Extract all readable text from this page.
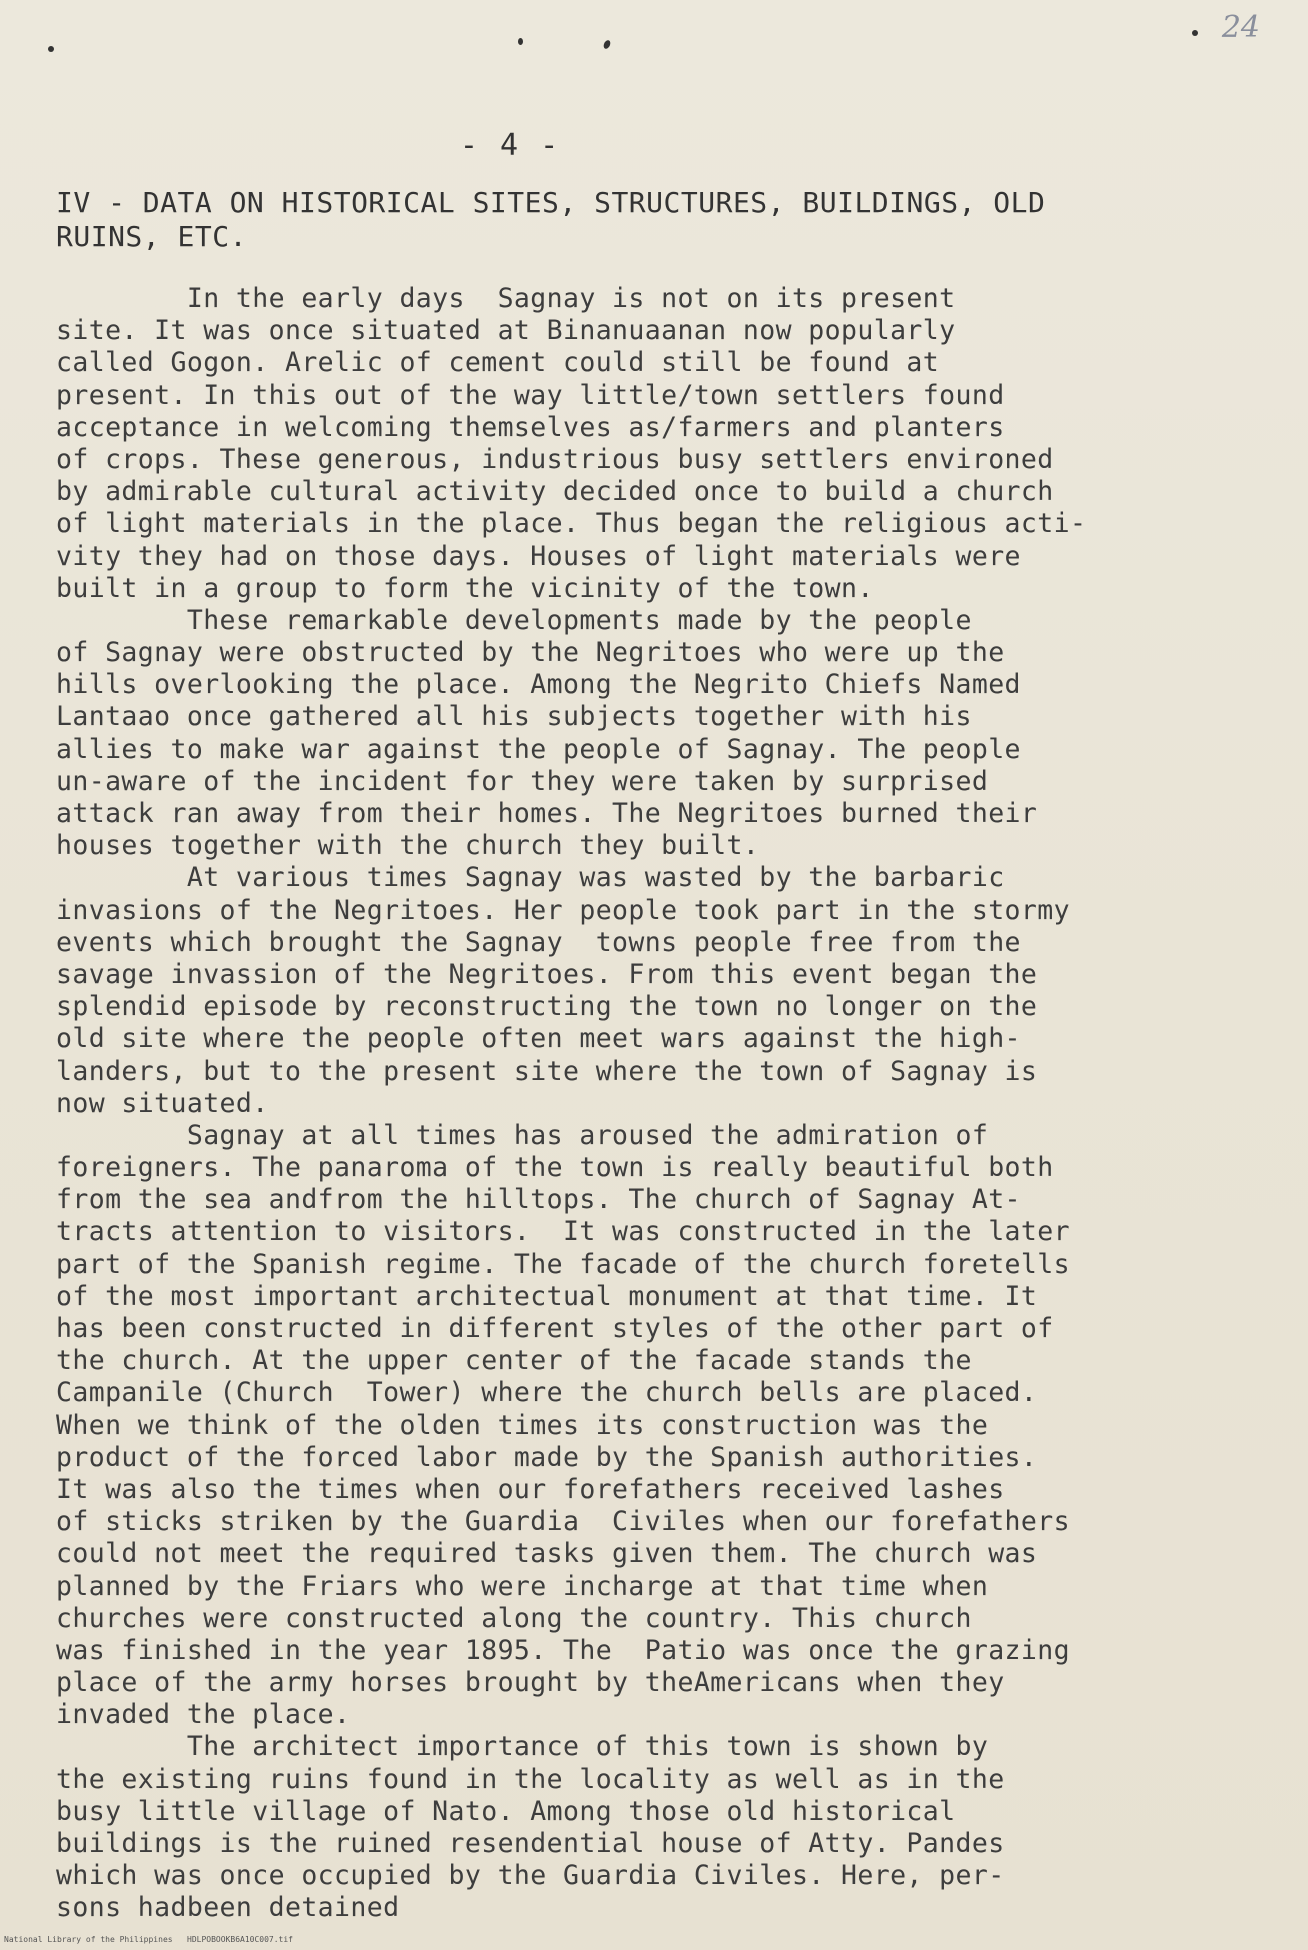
24
- 4 -
IV - DATA ON HISTORICAL SITES, STRUCTURES, BUILDINGS, OLD
RUINS, ETC.
In the early days  Sagnay is not on its present
site. It was once situated at Binanuaanan now popularly
called Gogon. Arelic of cement could still be found at
present. In this out of the way little/town settlers found
acceptance in welcoming themselves as/farmers and planters
of crops. These generous, industrious busy settlers environed
by admirable cultural activity decided once to build a church
of light materials in the place. Thus began the religious acti-
vity they had on those days. Houses of light materials were
built in a group to form the vicinity of the town.
These remarkable developments made by the people
of Sagnay were obstructed by the Negritoes who were up the
hills overlooking the place. Among the Negrito Chiefs Named
Lantaao once gathered all his subjects together with his
allies to make war against the people of Sagnay. The people
un-aware of the incident for they were taken by surprised
attack ran away from their homes. The Negritoes burned their
houses together with the church they built.
At various times Sagnay was wasted by the barbaric
invasions of the Negritoes. Her people took part in the stormy
events which brought the Sagnay  towns people free from the
savage invassion of the Negritoes. From this event began the
splendid episode by reconstructing the town no longer on the
old site where the people often meet wars against the high-
landers, but to the present site where the town of Sagnay is
now situated.
Sagnay at all times has aroused the admiration of
foreigners. The panaroma of the town is really beautiful both
from the sea andfrom the hilltops. The church of Sagnay At-
tracts attention to visitors.  It was constructed in the later
part of the Spanish regime. The facade of the church foretells
of the most important architectual monument at that time. It
has been constructed in different styles of the other part of
the church. At the upper center of the facade stands the
Campanile (Church  Tower) where the church bells are placed.
When we think of the olden times its construction was the
product of the forced labor made by the Spanish authorities.
It was also the times when our forefathers received lashes
of sticks striken by the Guardia  Civiles when our forefathers
could not meet the required tasks given them. The church was
planned by the Friars who were incharge at that time when
churches were constructed along the country. This church
was finished in the year 1895. The  Patio was once the grazing
place of the army horses brought by theAmericans when they
invaded the place.
The architect importance of this town is shown by
the existing ruins found in the locality as well as in the
busy little village of Nato. Among those old historical
buildings is the ruined resendential house of Atty. Pandes
which was once occupied by the Guardia Civiles. Here, per-
sons hadbeen detained
National Library of the Philippines   HDLPOBOOKB6A10C007.tif
